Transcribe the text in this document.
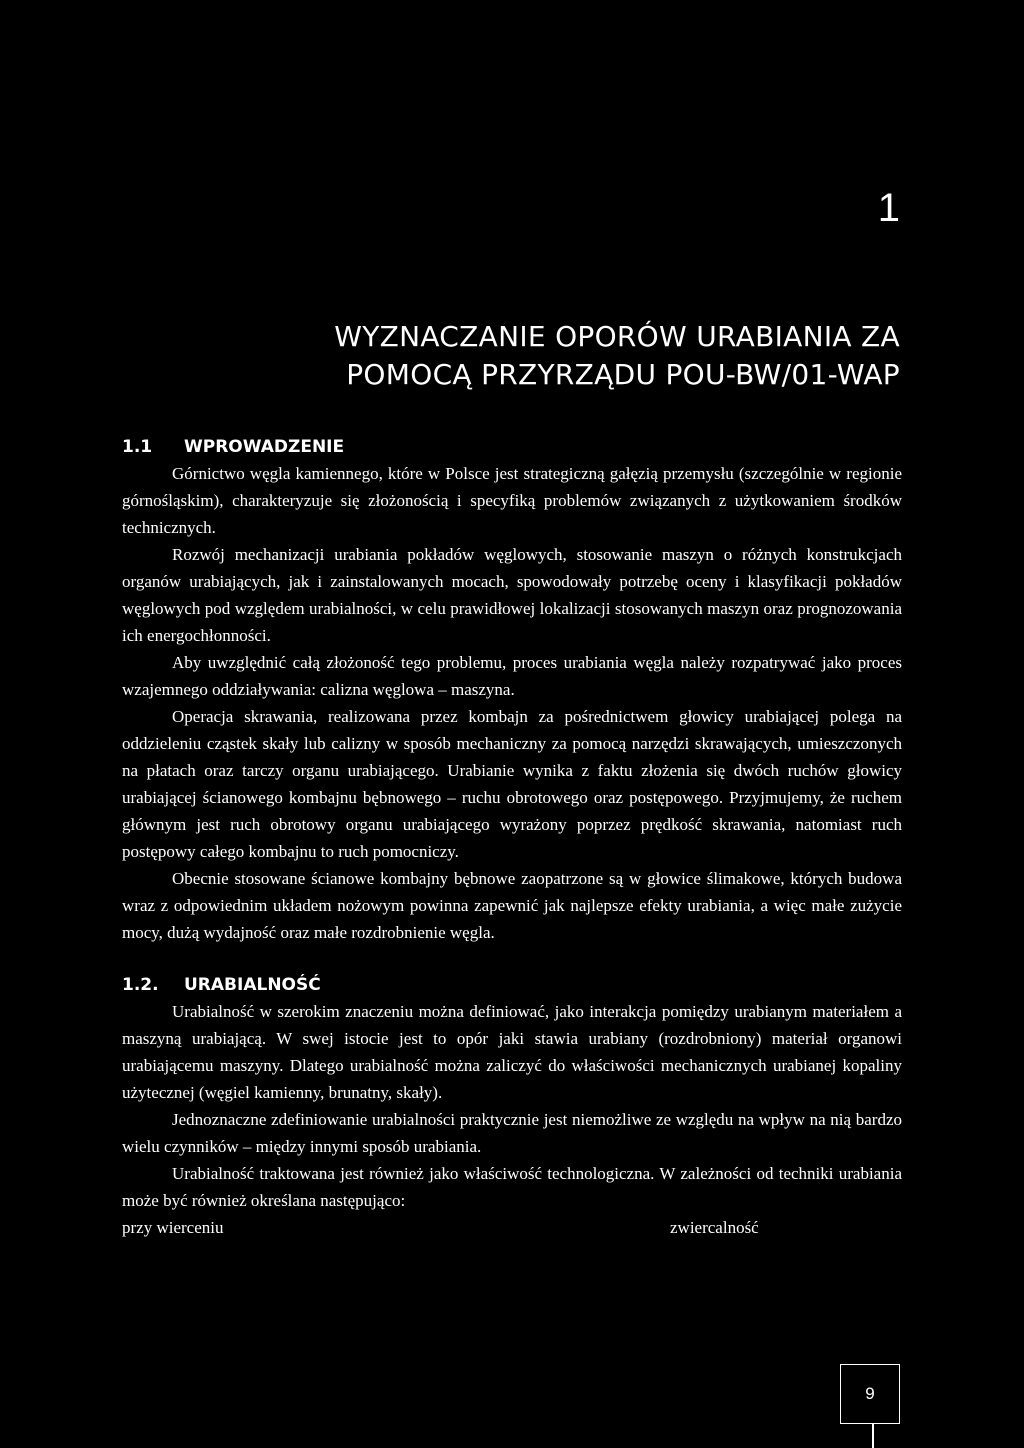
1
WYZNACZANIE OPORÓW URABIANIA ZA
POMOCĄ PRZYRZĄDU POU-BW/01-WAP
1.1 WPROWADZENIE

Górnictwo węgla kamiennego, które w Polsce jest strategiczną gałęzią przemysłu (szczególnie w regionie górnośląskim), charakteryzuje się złożonością i specyfiką problemów związanych z użytkowaniem środków technicznych.

Rozwój mechanizacji urabiania pokładów węglowych, stosowanie maszyn o różnych konstrukcjach organów urabiających, jak i zainstalowanych mocach, spowodowały potrzebę oceny i klasyfikacji pokładów węglowych pod względem urabialności, w celu prawidłowej lokalizacji stosowanych maszyn oraz prognozowania ich energochłonności.

Aby uwzględnić całą złożoność tego problemu, proces urabiania węgla należy rozpatrywać jako proces wzajemnego oddziaływania: calizna węglowa – maszyna.

Operacja skrawania, realizowana przez kombajn za pośrednictwem głowicy urabiającej polega na oddzieleniu cząstek skały lub calizny w sposób mechaniczny za pomocą narzędzi skrawających, umieszczonych na płatach oraz tarczy organu urabiającego. Urabianie wynika z faktu złożenia się dwóch ruchów głowicy urabiającej ścianowego kombajnu bębnowego – ruchu obrotowego oraz postępowego. Przyjmujemy, że ruchem głównym jest ruch obrotowy organu urabiającego wyrażony poprzez prędkość skrawania, natomiast ruch postępowy całego kombajnu to ruch pomocniczy.

Obecnie stosowane ścianowe kombajny bębnowe zaopatrzone są w głowice ślimakowe, których budowa wraz z odpowiednim układem nożowym powinna zapewnić jak najlepsze efekty urabiania, a więc małe zużycie mocy, dużą wydajność oraz małe rozdrobnienie węgla.

1.2. URABIALNOŚĆ

Urabialność w szerokim znaczeniu można definiować, jako interakcja pomiędzy urabianym materiałem a maszyną urabiającą. W swej istocie jest to opór jaki stawia urabiany (rozdrobniony) materiał organowi urabiającemu maszyny. Dlatego urabialność można zaliczyć do właściwości mechanicznych urabianej kopaliny użytecznej (węgiel kamienny, brunatny, skały).

Jednoznaczne zdefiniowanie urabialności praktycznie jest niemożliwe ze względu na wpływ na nią bardzo wielu czynników – między innymi sposób urabiania.

Urabialność traktowana jest również jako właściwość technologiczna. W zależności od techniki urabiania może być również określana następująco:

przy wierceniu	zwiercalność
9
